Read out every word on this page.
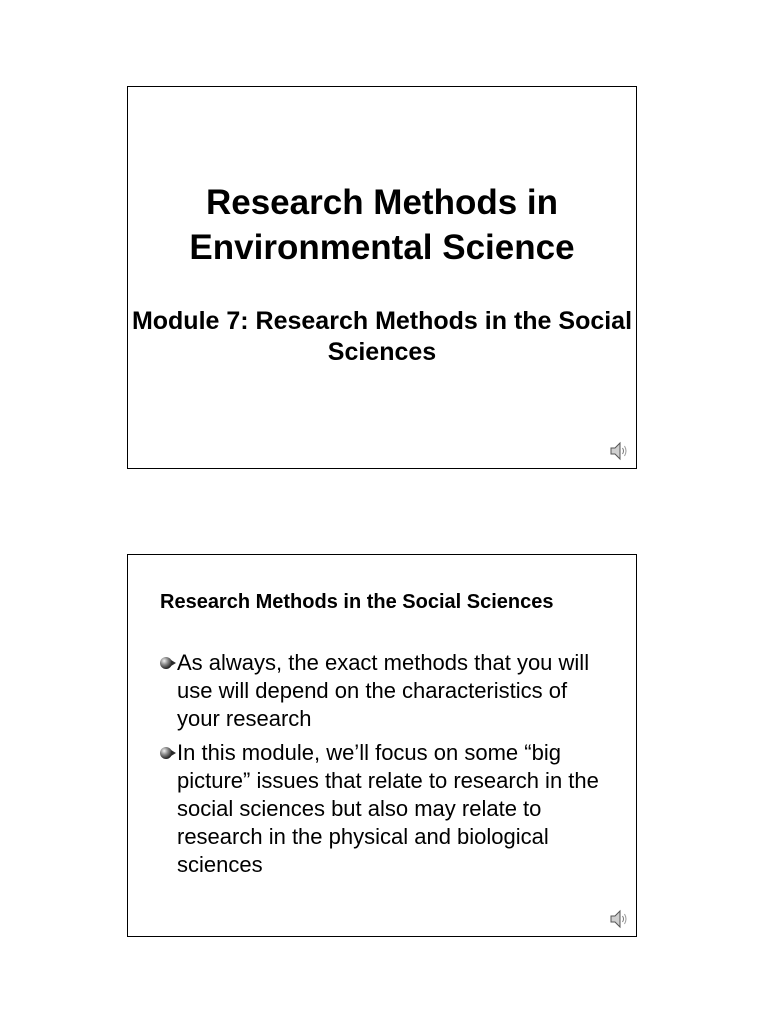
Research Methods in Environmental Science
Module 7: Research Methods in the Social Sciences
Research Methods in the Social Sciences
As always, the exact methods that you will use will depend on the characteristics of your research
In this module, we’ll focus on some “big picture” issues that relate to research in the social sciences but also may relate to research in the physical and biological sciences
